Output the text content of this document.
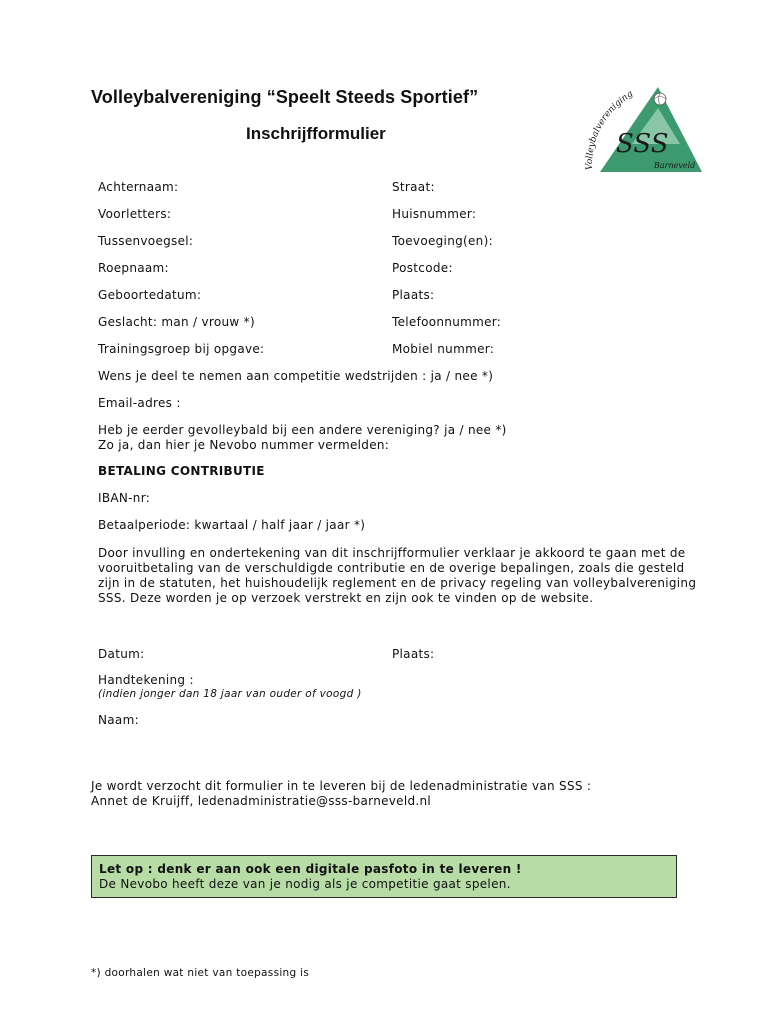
Volleybalvereniging “Speelt Steeds Sportief”
Inschrijfformulier
Volleybalvereniging
SSS
Barneveld
Achternaam:
Voorletters:
Tussenvoegsel:
Roepnaam:
Geboortedatum:
Geslacht: man / vrouw *)
Trainingsgroep bij opgave:
Straat:
Huisnummer:
Toevoeging(en):
Postcode:
Plaats:
Telefoonnummer:
Mobiel nummer:
Wens je deel te nemen aan competitie wedstrijden : ja / nee *)
Email-adres :
Heb je eerder gevolleybald bij een andere vereniging? ja / nee *)
Zo ja, dan hier je Nevobo nummer vermelden:
BETALING CONTRIBUTIE
IBAN-nr:
Betaalperiode: kwartaal / half jaar / jaar *)
Door invulling en ondertekening van dit inschrijfformulier verklaar je akkoord te gaan met de vooruitbetaling van de verschuldigde contributie en de overige bepalingen, zoals die gesteld zijn in de statuten, het huishoudelijk reglement en de privacy regeling van volleybalvereniging SSS. Deze worden je op verzoek verstrekt en zijn ook te vinden op de website.
Datum:	Plaats:
Handtekening :
(indien jonger dan 18 jaar van ouder of voogd )
Naam:
Je wordt verzocht dit formulier in te leveren bij de ledenadministratie van SSS :
Annet de Kruijff, ledenadministratie@sss-barneveld.nl
Let op : denk er aan ook een digitale pasfoto in te leveren !
De Nevobo heeft deze van je nodig als je competitie gaat spelen.
*) doorhalen wat niet van toepassing is
